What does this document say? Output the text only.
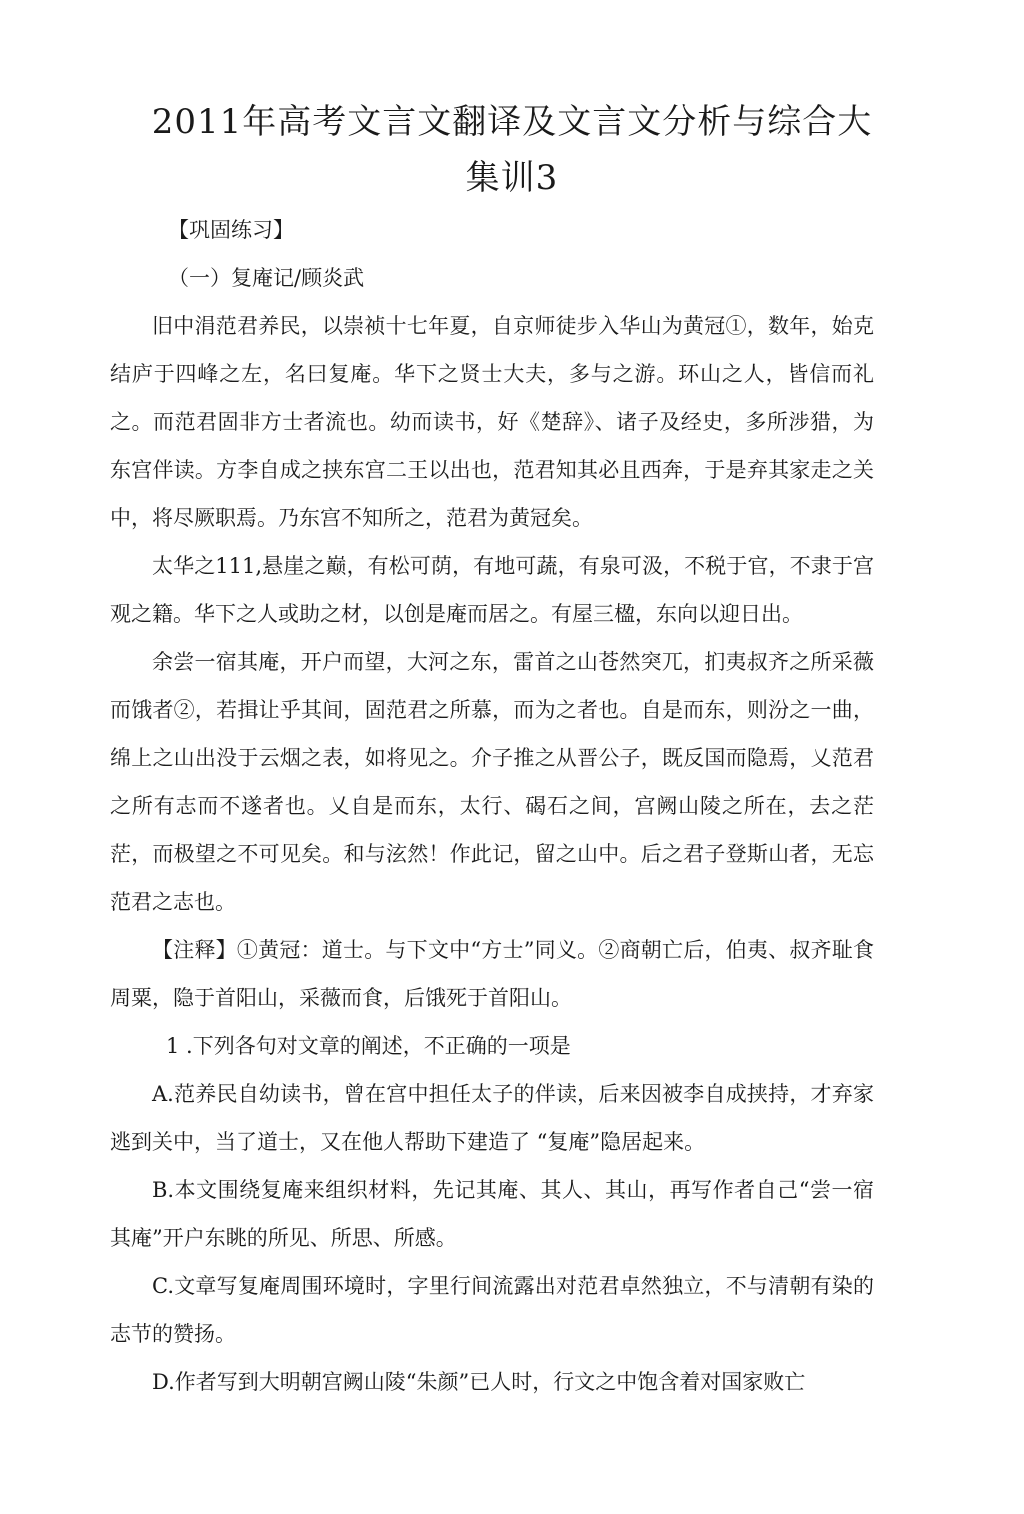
2011年高考文言文翻译及文言文分析与综合大
集训3

【巩固练习】

（一）复庵记/顾炎武

旧中涓范君养民，以崇祯十七年夏，自京师徒步入华山为黄冠①，数年，始克结庐于四峰之左，名曰复庵。华下之贤士大夫，多与之游。环山之人，皆信而礼之。而范君固非方士者流也。幼而读书，好《楚辞》、诸子及经史，多所涉猎，为东宫伴读。方李自成之挟东宫二王以出也，范君知其必且西奔，于是弃其家走之关中，将尽厥职焉。乃东宫不知所之，范君为黄冠矣。

太华之111,悬崖之巅，有松可荫，有地可蔬，有泉可汲，不税于官，不隶于宫观之籍。华下之人或助之材，以创是庵而居之。有屋三楹，东向以迎日出。

余尝一宿其庵，开户而望，大河之东，雷首之山苍然突兀，扪夷叔齐之所采薇而饿者②，若揖让乎其间，固范君之所慕，而为之者也。自是而东，则汾之一曲，绵上之山出没于云烟之表，如将见之。介子推之从晋公子，既反国而隐焉，乂范君之所有志而不遂者也。乂自是而东，太行、碣石之间，宫阙山陵之所在，去之茫茫，而极望之不可见矣。和与泫然！作此记，留之山中。后之君子登斯山者，无忘范君之志也。

【注释】①黄冠：道士。与下文中“方士”同义。②商朝亡后，伯夷、叔齐耻食周粟，隐于首阳山，采薇而食，后饿死于首阳山。

1 .下列各句对文章的阐述，不正确的一项是

A.范养民自幼读书，曾在宫中担任太子的伴读，后来因被李自成挟持，才弃家逃到关中，当了道士，又在他人帮助下建造了 “复庵”隐居起来。

B.本文围绕复庵来组织材料，先记其庵、其人、其山，再写作者自己“尝一宿其庵”开户东眺的所见、所思、所感。

C.文章写复庵周围环境时，字里行间流露出对范君卓然独立，不与清朝有染的志节的赞扬。

D.作者写到大明朝宫阙山陵“朱颜”已人时，行文之中饱含着对国家败亡
